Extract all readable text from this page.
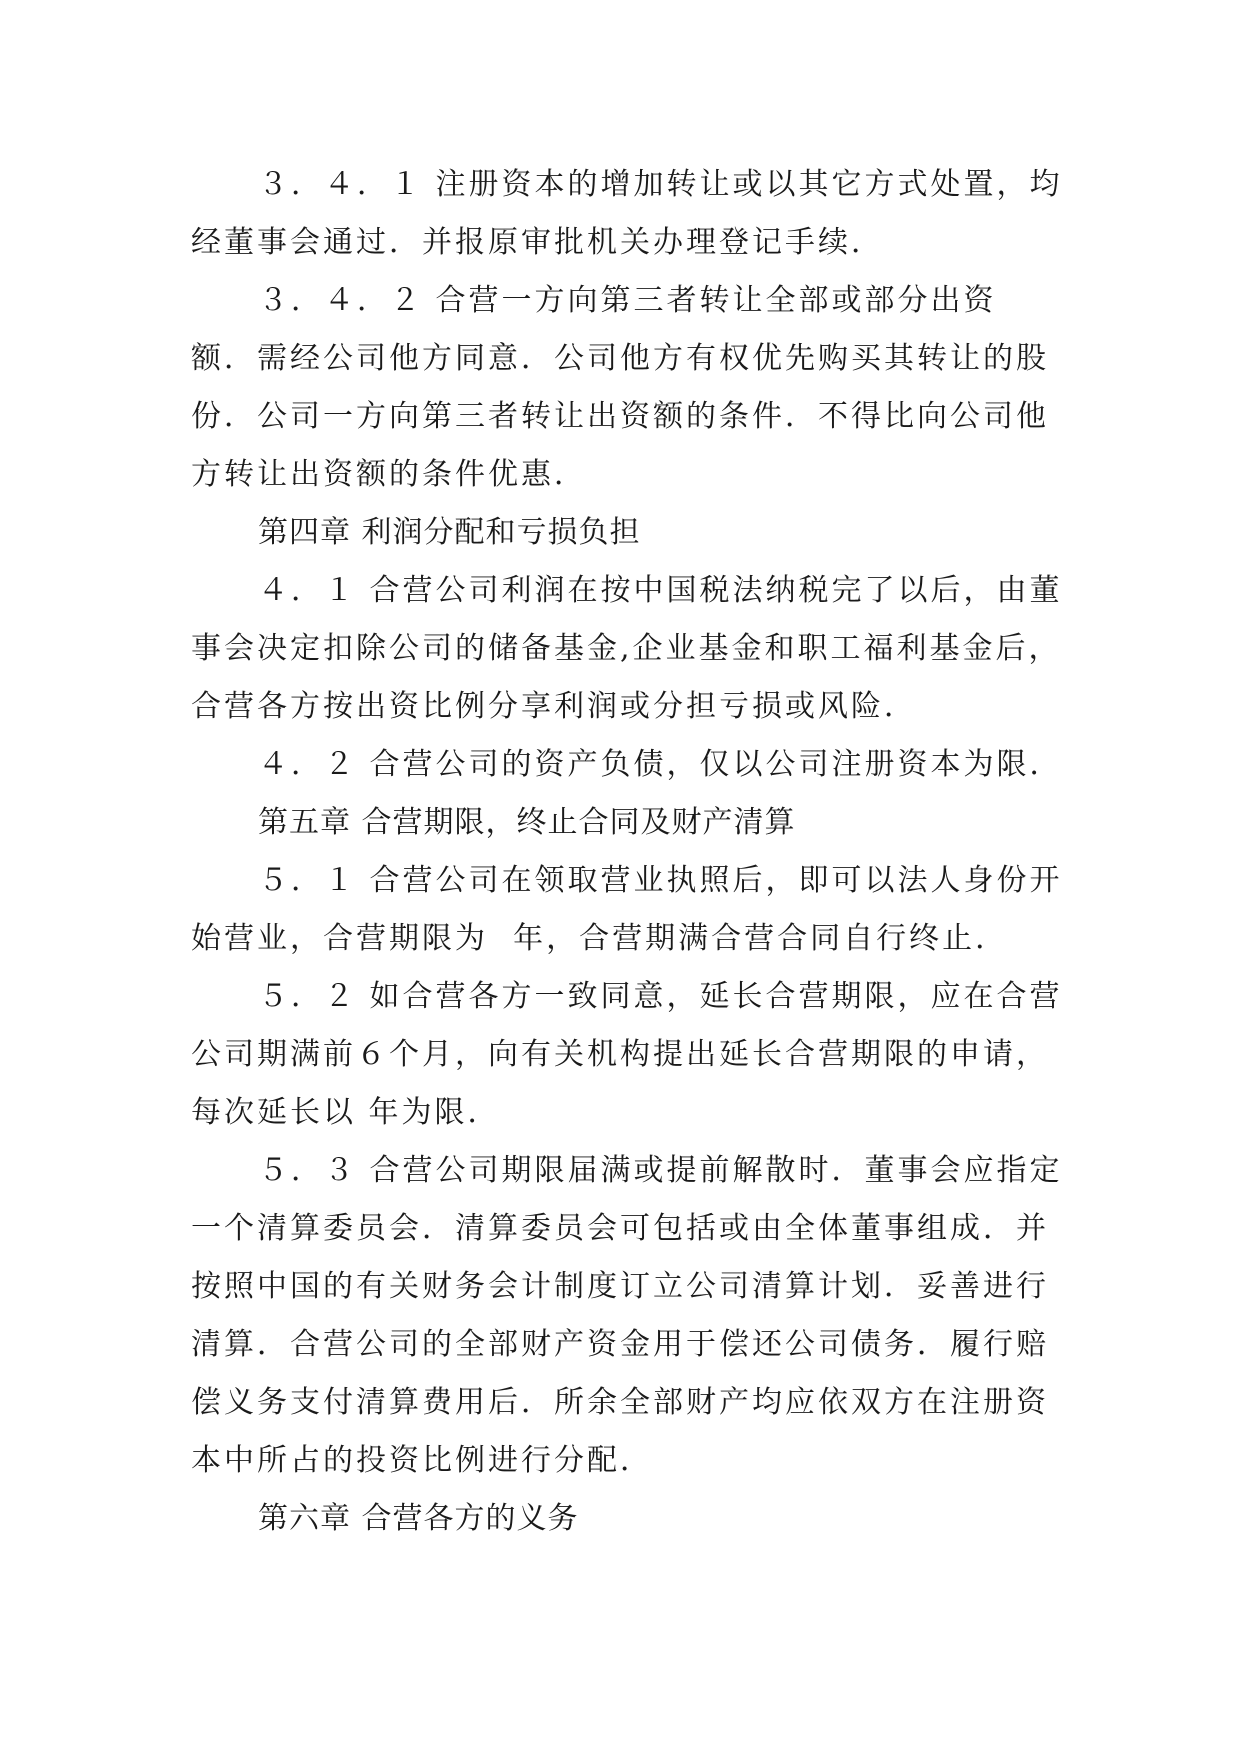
３．４．１ 注册资本的增加转让或以其它方式处置，均
经董事会通过．并报原审批机关办理登记手续．
３．４．２ 合营一方向第三者转让全部或部分出资
额．需经公司他方同意．公司他方有权优先购买其转让的股
份．公司一方向第三者转让出资额的条件．不得比向公司他
方转让出资额的条件优惠．
第四章 利润分配和亏损负担
４．１ 合营公司利润在按中国税法纳税完了以后，由董
事会决定扣除公司的储备基金,企业基金和职工福利基金后，
合营各方按出资比例分享利润或分担亏损或风险．
４．２ 合营公司的资产负债，仅以公司注册资本为限．
第五章 合营期限，终止合同及财产清算
５．１ 合营公司在领取营业执照后，即可以法人身份开
始营业，合营期限为  年，合营期满合营合同自行终止．
５．２ 如合营各方一致同意，延长合营期限，应在合营
公司期满前６个月，向有关机构提出延长合营期限的申请，
每次延长以 年为限．
５．３ 合营公司期限届满或提前解散时．董事会应指定
一个清算委员会．清算委员会可包括或由全体董事组成．并
按照中国的有关财务会计制度订立公司清算计划．妥善进行
清算．合营公司的全部财产资金用于偿还公司债务．履行赔
偿义务支付清算费用后．所余全部财产均应依双方在注册资
本中所占的投资比例进行分配．
第六章 合营各方的义务
